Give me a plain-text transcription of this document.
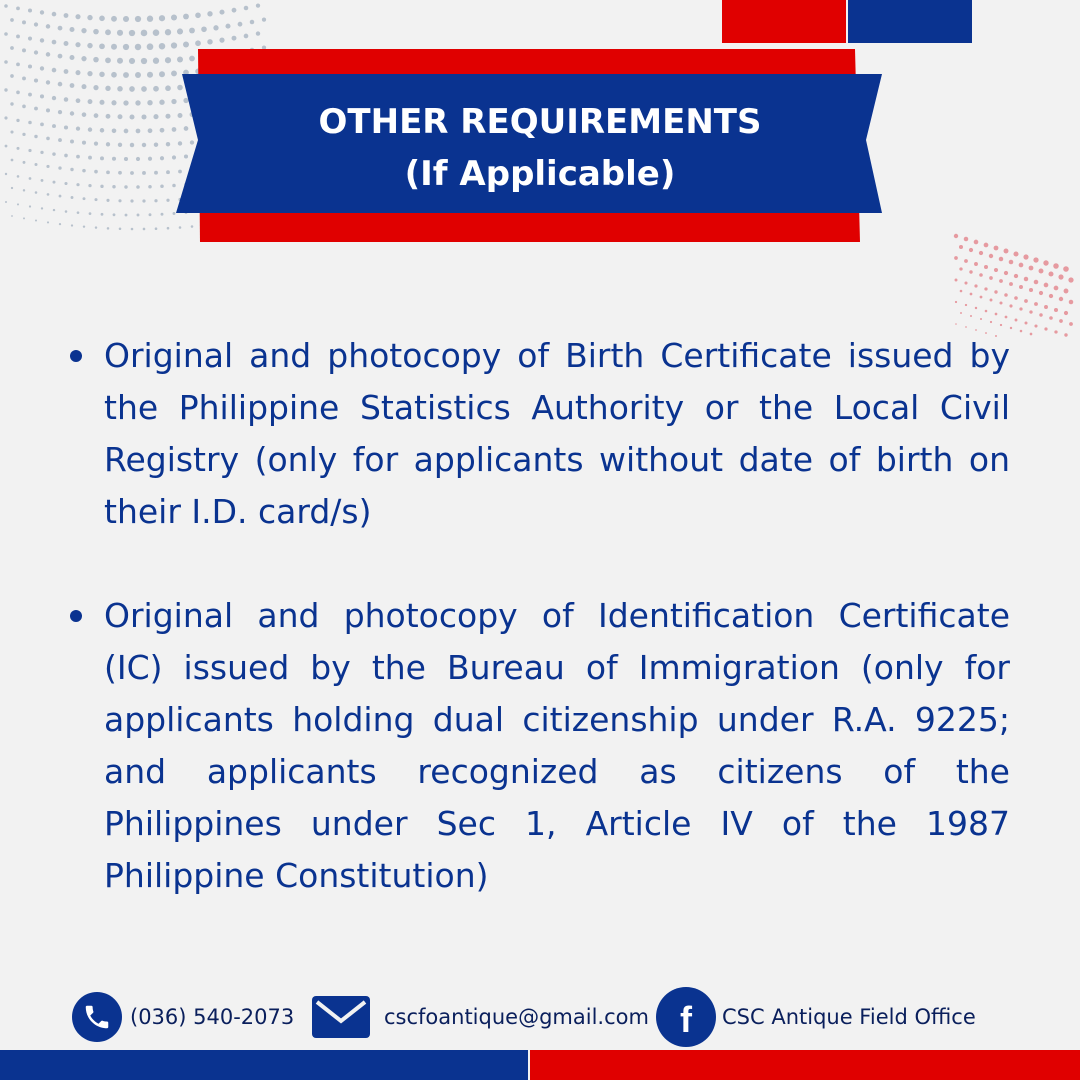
OTHER REQUIREMENTS
(If Applicable)
Original and photocopy of Birth Certificate issued by the Philippine Statistics Authority or the Local Civil Registry (only for applicants without date of birth on their I.D. card/s)
Original and photocopy of Identification Certificate (IC) issued by the Bureau of Immigration (only for applicants holding dual citizenship under R.A. 9225; and applicants recognized as citizens of the Philippines under Sec 1, Article IV of the 1987 Philippine Constitution)
(036) 540-2073	cscfoantique@gmail.com f CSC Antique Field Office
